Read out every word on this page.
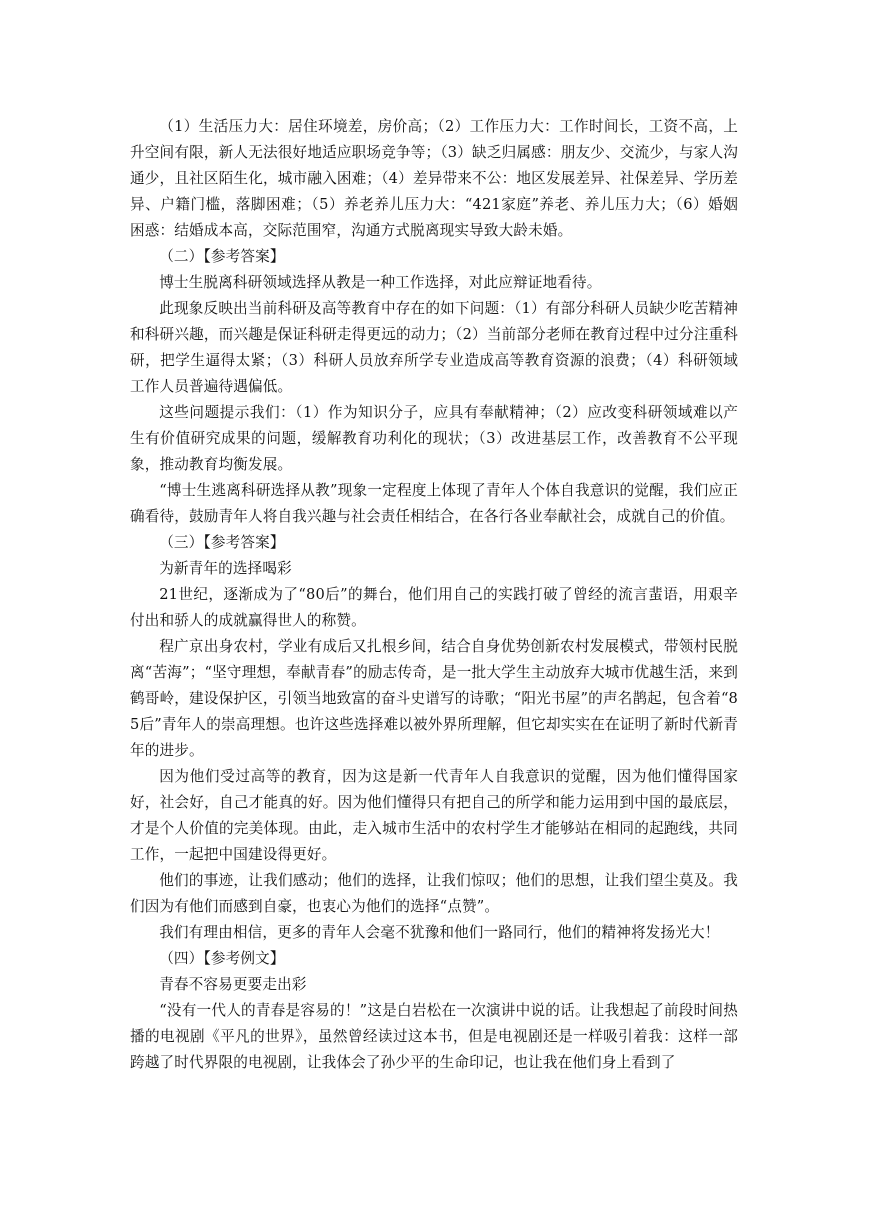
（1）生活压力大：居住环境差，房价高；（2）工作压力大：工作时间长，工资不高，上升空间有限，新人无法很好地适应职场竞争等；（3）缺乏归属感：朋友少、交流少，与家人沟通少，且社区陌生化，城市融入困难；（4）差异带来不公：地区发展差异、社保差异、学历差异、户籍门槛，落脚困难；（5）养老养儿压力大：“421家庭”养老、养儿压力大；（6）婚姻困惑：结婚成本高，交际范围窄，沟通方式脱离现实导致大龄未婚。

（二）【参考答案】

博士生脱离科研领域选择从教是一种工作选择，对此应辩证地看待。

此现象反映出当前科研及高等教育中存在的如下问题：（1）有部分科研人员缺少吃苦精神和科研兴趣，而兴趣是保证科研走得更远的动力；（2）当前部分老师在教育过程中过分注重科研，把学生逼得太紧；（3）科研人员放弃所学专业造成高等教育资源的浪费；（4）科研领域工作人员普遍待遇偏低。

这些问题提示我们：（1）作为知识分子，应具有奉献精神；（2）应改变科研领域难以产生有价值研究成果的问题，缓解教育功利化的现状；（3）改进基层工作，改善教育不公平现象，推动教育均衡发展。

“博士生逃离科研选择从教”现象一定程度上体现了青年人个体自我意识的觉醒，我们应正确看待，鼓励青年人将自我兴趣与社会责任相结合，在各行各业奉献社会，成就自己的价值。

（三）【参考答案】

为新青年的选择喝彩

21世纪，逐渐成为了“80后”的舞台，他们用自己的实践打破了曾经的流言蜚语，用艰辛付出和骄人的成就赢得世人的称赞。

程广京出身农村，学业有成后又扎根乡间，结合自身优势创新农村发展模式，带领村民脱离“苦海”；“坚守理想，奉献青春”的励志传奇，是一批大学生主动放弃大城市优越生活，来到鹤哥岭，建设保护区，引领当地致富的奋斗史谱写的诗歌；“阳光书屋”的声名鹊起，包含着“85后”青年人的崇高理想。也许这些选择难以被外界所理解，但它却实实在在证明了新时代新青年的进步。

因为他们受过高等的教育，因为这是新一代青年人自我意识的觉醒，因为他们懂得国家好，社会好，自己才能真的好。因为他们懂得只有把自己的所学和能力运用到中国的最底层，才是个人价值的完美体现。由此，走入城市生活中的农村学生才能够站在相同的起跑线，共同工作，一起把中国建设得更好。

他们的事迹，让我们感动；他们的选择，让我们惊叹；他们的思想，让我们望尘莫及。我们因为有他们而感到自豪，也衷心为他们的选择“点赞”。

我们有理由相信，更多的青年人会毫不犹豫和他们一路同行，他们的精神将发扬光大！

（四）【参考例文】

青春不容易更要走出彩

“没有一代人的青春是容易的！”这是白岩松在一次演讲中说的话。让我想起了前段时间热播的电视剧《平凡的世界》，虽然曾经读过这本书，但是电视剧还是一样吸引着我：这样一部跨越了时代界限的电视剧，让我体会了孙少平的生命印记，也让我在他们身上看到了
